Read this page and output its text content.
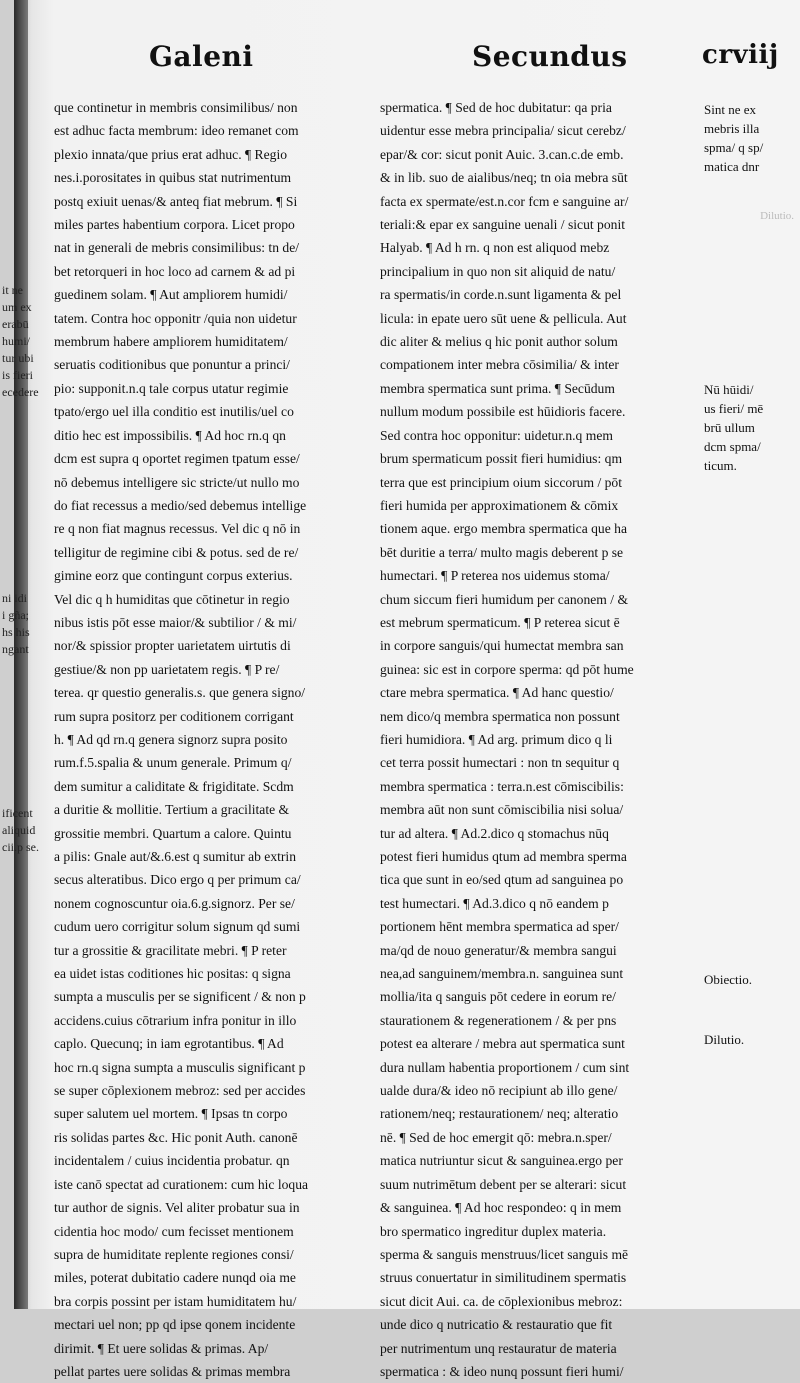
Galeni	Secundus	crviij
que continetur in membris consimilibus/ non
est adhuc facta membrum: ideo remanet com
plexio innata/que prius erat adhuc. ¶ Regio
nes.i.porositates in quibus stat nutrimentum
postq exiuit uenas/& anteq fiat mebrum. ¶ Si
miles partes habentium corpora. Licet propo
nat in generali de mebris consimilibus: tn de/
bet retorqueri in hoc loco ad carnem & ad pi
guedinem solam. ¶ Aut ampliorem humidi/
tatem. Contra hoc opponitr /quia non uidetur
membrum habere ampliorem humiditatem/
seruatis coditionibus que ponuntur a princi/
pio: supponit.n.q tale corpus utatur regimie
tpato/ergo uel illa conditio est inutilis/uel co
ditio hec est impossibilis. ¶ Ad hoc rn.q qn
dcm est supra q oportet regimen tpatum esse/
nō debemus intelligere sic stricte/ut nullo mo
do fiat recessus a medio/sed debemus intellige
re q non fiat magnus recessus. Vel dic q nō in
telligitur de regimine cibi & potus. sed de re/
gimine eorz que contingunt corpus exterius.
Vel dic q h humiditas que cōtinetur in regio
nibus istis pōt esse maior/& subtilior / & mi/
nor/& spissior propter uarietatem uirtutis di
gestiue/& non pp uarietatem regis. ¶ P re/
terea. qr questio generalis.s. que genera signo/
rum supra positorz per coditionem corrigant
h. ¶ Ad qd rn.q genera signorz supra posito
rum.f.5.spalia & unum generale. Primum q/
dem sumitur a caliditate & frigiditate. Scdm
a duritie & mollitie. Tertium a gracilitate &
grossitie membri. Quartum a calore. Quintu
a pilis: Gnale aut/&.6.est q sumitur ab extrin
secus alteratibus. Dico ergo q per primum ca/
nonem cognoscuntur oia.6.g.signorz. Per se/
cudum uero corrigitur solum signum qd sumi
tur a grossitie & gracilitate mebri. ¶ P reter
ea uidet istas coditiones hic positas: q signa
sumpta a musculis per se significent / & non p
accidens.cuius cōtrarium infra ponitur in illo
caplo. Quecunq; in iam egrotantibus. ¶ Ad
hoc rn.q signa sumpta a musculis significant p
se super cōplexionem mebroz: sed per accides
super salutem uel mortem. ¶ Ipsas tn corpo
ris solidas partes &c. Hic ponit Auth. canonē
incidentalem / cuius incidentia probatur. qn
iste canō spectat ad curationem: cum hic loqua
tur author de signis. Vel aliter probatur sua in
cidentia hoc modo/ cum fecisset mentionem
supra de humiditate replente regiones consi/
miles, poterat dubitatio cadere nunqd oia me
bra corpis possint per istam humiditatem hu/
mectari uel non; pp qd ipse qonem incidente
dirimit. ¶ Et uere solidas & primas. Ap/
pellat partes uere solidas & primas membra
spermatica. ¶ Sed de hoc dubitatur: qa pria
uidentur esse mebra principalia/ sicut cerebz/
epar/& cor: sicut ponit Auic. 3.can.c.de emb.
& in lib. suo de aialibus/neq; tn oia mebra sūt
facta ex spermate/est.n.cor fcm e sanguine ar/
teriali:& epar ex sanguine uenali / sicut ponit
Halyab. ¶ Ad h rn. q non est aliquod mebz
principalium in quo non sit aliquid de natu/
ra spermatis/in corde.n.sunt ligamenta & pel
licula: in epate uero sūt uene & pellicula. Aut
dic aliter & melius q hic ponit author solum
compationem inter mebra cōsimilia/ & inter
membra spermatica sunt prima. ¶ Secūdum
nullum modum possibile est hūidioris facere.
Sed contra hoc opponitur: uidetur.n.q mem
brum spermaticum possit fieri humidius: qm
terra que est principium oium siccorum / pōt
fieri humida per approximationem & cōmix
tionem aque. ergo membra spermatica que ha
bēt duritie a terra/ multo magis deberent p se
humectari. ¶ P reterea nos uidemus stoma/
chum siccum fieri humidum per canonem / &
est mebrum spermaticum. ¶ P reterea sicut ē
in corpore sanguis/qui humectat membra san
guinea: sic est in corpore sperma: qd pōt hume
ctare mebra spermatica. ¶ Ad hanc questio/
nem dico/q membra spermatica non possunt
fieri humidiora. ¶ Ad arg. primum dico q li
cet terra possit humectari : non tn sequitur q
membra spermatica : terra.n.est cōmiscibilis:
membra aūt non sunt cōmiscibilia nisi solua/
tur ad altera. ¶ Ad.2.dico q stomachus nūq
potest fieri humidus qtum ad membra sperma
tica que sunt in eo/sed qtum ad sanguinea po
test humectari. ¶ Ad.3.dico q nō eandem p
portionem hēnt membra spermatica ad sper/
ma/qd de nouo generatur/& membra sangui
nea,ad sanguinem/membra.n. sanguinea sunt
mollia/ita q sanguis pōt cedere in eorum re/
staurationem & regenerationem / & per pns
potest ea alterare / mebra aut spermatica sunt
dura nullam habentia proportionem / cum sint
ualde dura/& ideo nō recipiunt ab illo gene/
rationem/neq; restaurationem/ neq; alteratio
nē. ¶ Sed de hoc emergit qō: mebra.n.sper/
matica nutriuntur sicut & sanguinea.ergo per
suum nutrimētum debent per se alterari: sicut
& sanguinea. ¶ Ad hoc respondeo: q in mem
bro spermatico ingreditur duplex materia.
sperma & sanguis menstruus/licet sanguis mē
struus conuertatur in similitudinem spermatis
sicut dicit Aui. ca. de cōplexionibus mebroz:
unde dico q nutricatio & restauratio que fit
per nutrimentum unq restauratur de materia
spermatica : & ideo nunq possunt fieri humi/
Sint ne ex
mebris illa
spma/ q sp/
matica dnr
Nū hūidi/
us fieri/ mē
brū ullum
dcm spma/
ticum.
Obiectio.
Dilutio.
it ne
um ex
erabū
humi/
tur ubi
is fieri
ecedere
ni idi
i gña;
hs his
ngant
ificent
aliquid
cii.p se.
Dilutio.
